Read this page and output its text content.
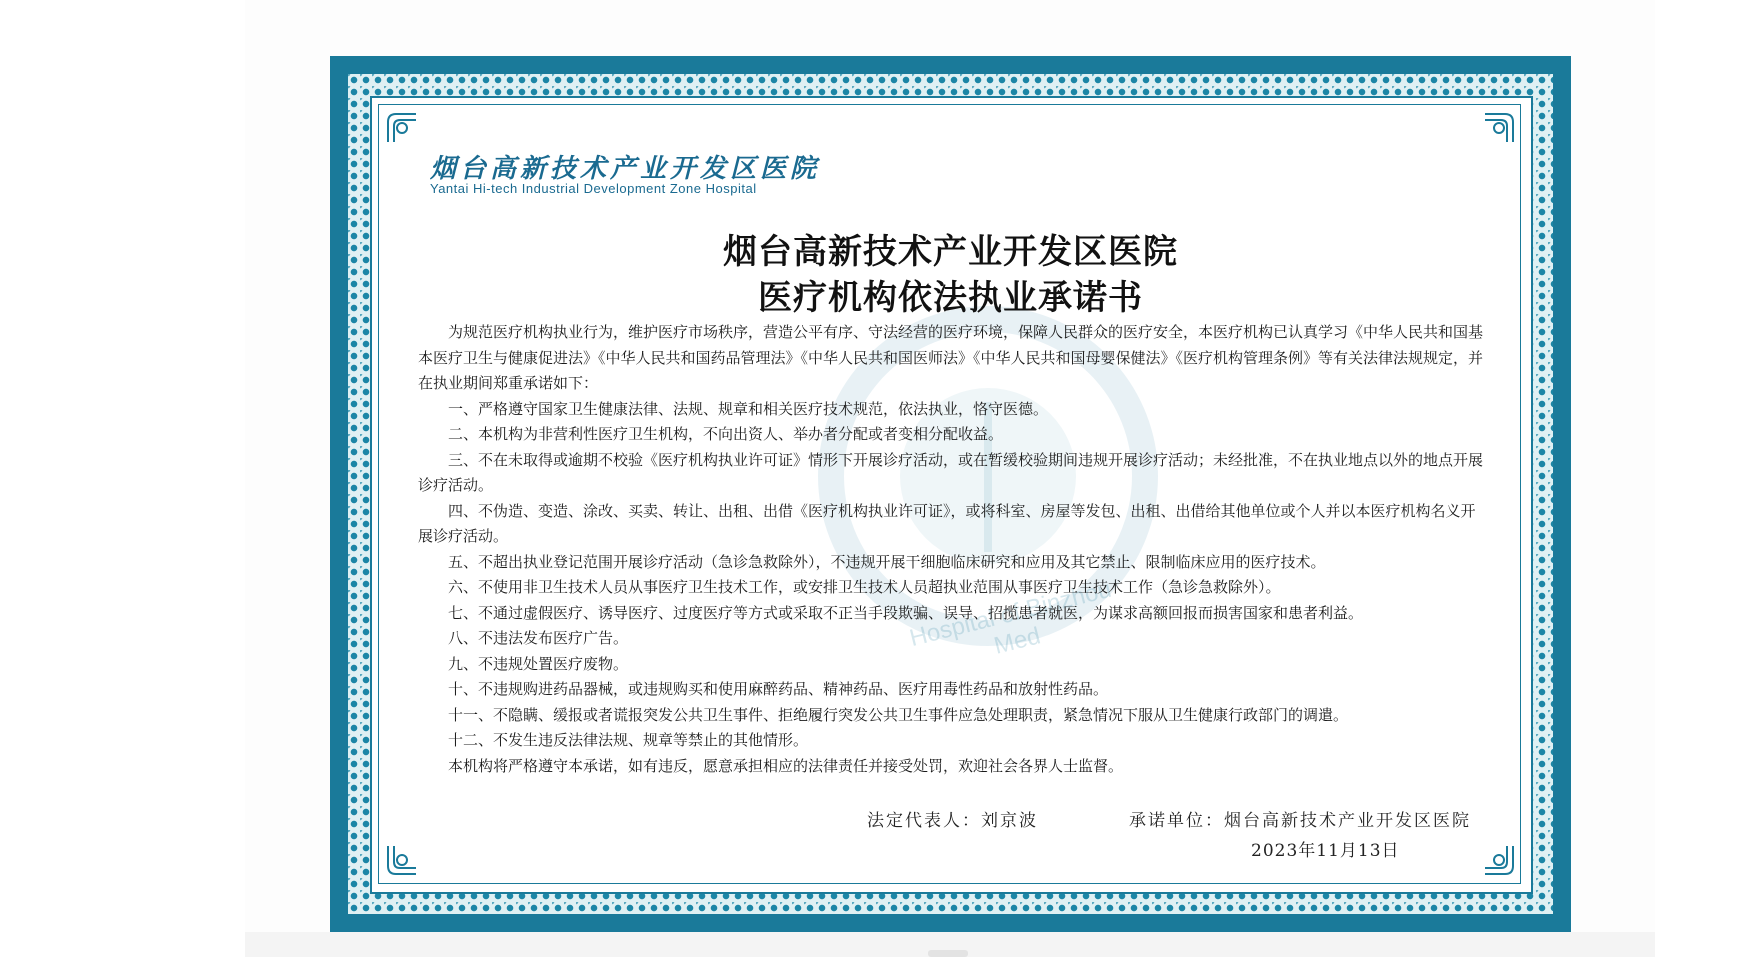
Hospital of Binzhou Med
烟台高新技术产业开发区医院
Yantai Hi-tech Industrial Development Zone Hospital
烟台高新技术产业开发区医院
医疗机构依法执业承诺书

为规范医疗机构执业行为，维护医疗市场秩序，营造公平有序、守法经营的医疗环境，保障人民群众的医疗安全，本医疗机构已认真学习《中华人民共和国基本医疗卫生与健康促进法》《中华人民共和国药品管理法》《中华人民共和国医师法》《中华人民共和国母婴保健法》《医疗机构管理条例》等有关法律法规规定，并在执业期间郑重承诺如下：

一、严格遵守国家卫生健康法律、法规、规章和相关医疗技术规范，依法执业，恪守医德。

二、本机构为非营利性医疗卫生机构，不向出资人、举办者分配或者变相分配收益。

三、不在未取得或逾期不校验《医疗机构执业许可证》情形下开展诊疗活动，或在暂缓校验期间违规开展诊疗活动；未经批准，不在执业地点以外的地点开展诊疗活动。

四、不伪造、变造、涂改、买卖、转让、出租、出借《医疗机构执业许可证》，或将科室、房屋等发包、出租、出借给其他单位或个人并以本医疗机构名义开展诊疗活动。

五、不超出执业登记范围开展诊疗活动（急诊急救除外），不违规开展干细胞临床研究和应用及其它禁止、限制临床应用的医疗技术。

六、不使用非卫生技术人员从事医疗卫生技术工作，或安排卫生技术人员超执业范围从事医疗卫生技术工作（急诊急救除外）。

七、不通过虚假医疗、诱导医疗、过度医疗等方式或采取不正当手段欺骗、误导、招揽患者就医，为谋求高额回报而损害国家和患者利益。

八、不违法发布医疗广告。

九、不违规处置医疗废物。

十、不违规购进药品器械，或违规购买和使用麻醉药品、精神药品、医疗用毒性药品和放射性药品。

十一、不隐瞒、缓报或者谎报突发公共卫生事件、拒绝履行突发公共卫生事件应急处理职责，紧急情况下服从卫生健康行政部门的调遣。

十二、不发生违反法律法规、规章等禁止的其他情形。

本机构将严格遵守本承诺，如有违反，愿意承担相应的法律责任并接受处罚，欢迎社会各界人士监督。

法定代表人：刘京波	承诺单位：烟台高新技术产业开发区医院
2023年11月13日
